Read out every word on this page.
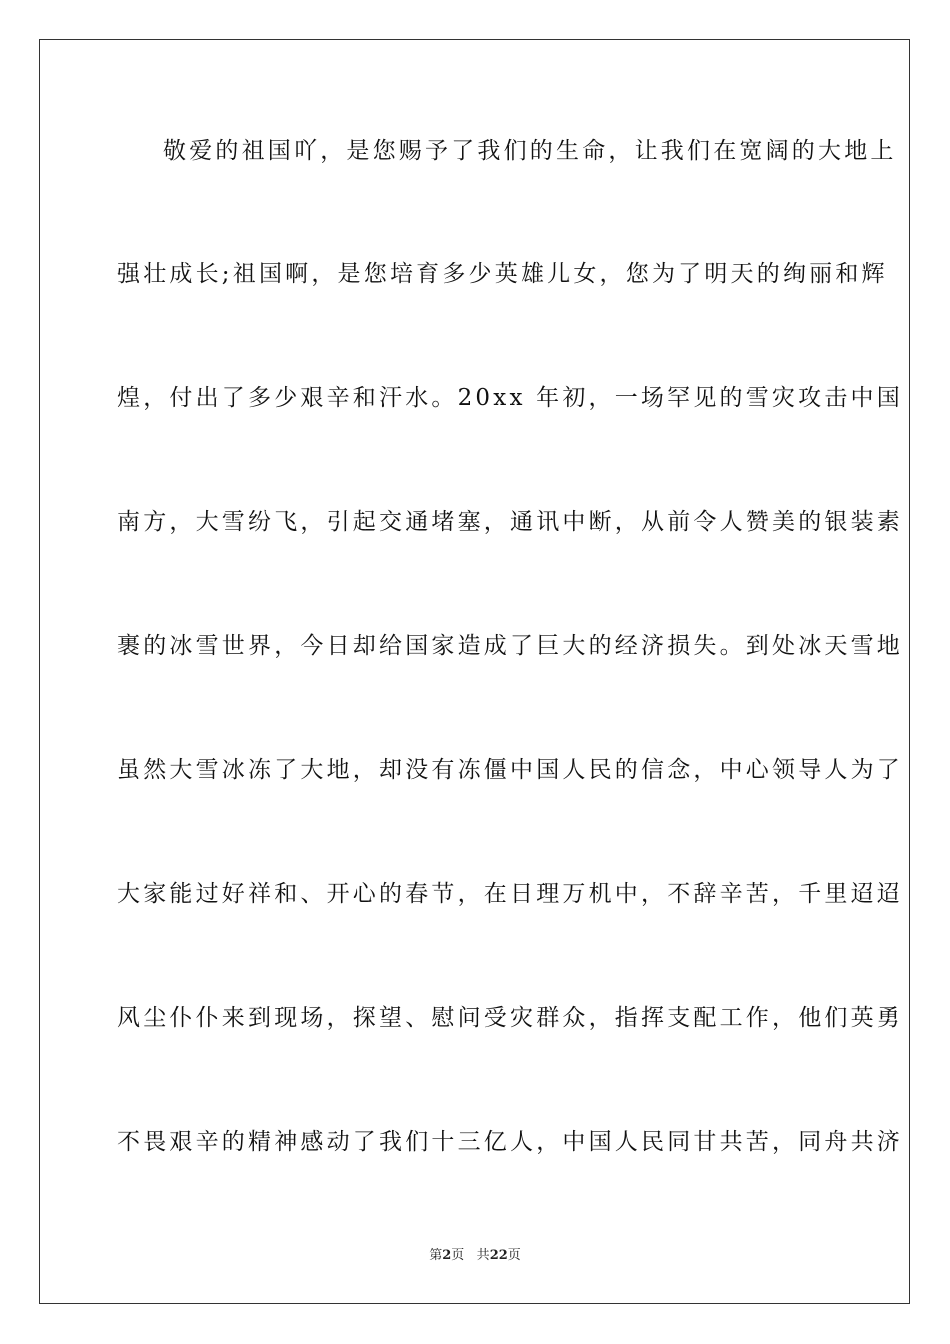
敬爱的祖国吖，是您赐予了我们的生命，让我们在宽阔的大地上
强壮成长;祖国啊，是您培育多少英雄儿女，您为了明天的绚丽和辉
煌，付出了多少艰辛和汗水。20xx 年初，一场罕见的雪灾攻击中国
南方，大雪纷飞，引起交通堵塞，通讯中断，从前令人赞美的银装素
裹的冰雪世界，今日却给国家造成了巨大的经济损失。到处冰天雪地
虽然大雪冰冻了大地，却没有冻僵中国人民的信念，中心领导人为了
大家能过好祥和、开心的春节，在日理万机中，不辞辛苦，千里迢迢
风尘仆仆来到现场，探望、慰问受灾群众，指挥支配工作，他们英勇
不畏艰辛的精神感动了我们十三亿人，中国人民同甘共苦，同舟共济
第2页 共22页
